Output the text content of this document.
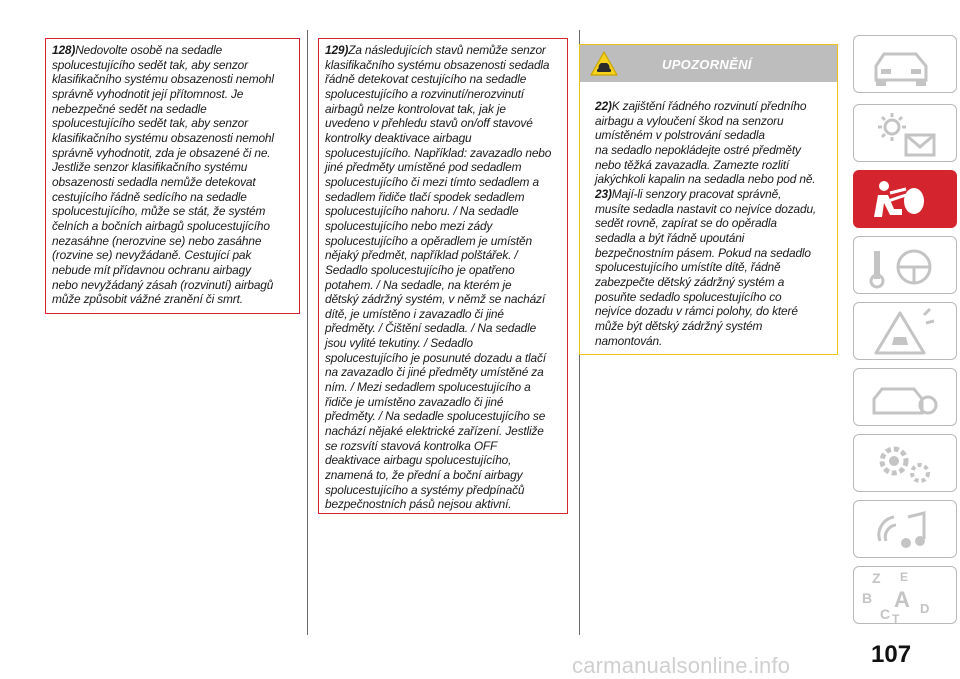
128)Nedovolte osobě na sedadle
spolucestujícího sedět tak, aby senzor
klasifikačního systému obsazenosti nemohl
správně vyhodnotit její přítomnost. Je
nebezpečné sedět na sedadle
spolucestujícího sedět tak, aby senzor
klasifikačního systému obsazenosti nemohl
správně vyhodnotit, zda je obsazené či ne.
Jestliže senzor klasifikačního systému
obsazenosti sedadla nemůže detekovat
cestujícího řádně sedícího na sedadle
spolucestujícího, může se stát, že systém
čelních a bočních airbagů spolucestujícího
nezasáhne (nerozvine se) nebo zasáhne
(rozvine se) nevyžádaně. Cestující pak
nebude mít přídavnou ochranu airbagy
nebo nevyžádaný zásah (rozvinutí) airbagů
může způsobit vážné zranění či smrt.

129)Za následujících stavů nemůže senzor
klasifikačního systému obsazenosti sedadla
řádně detekovat cestujícího na sedadle
spolucestujícího a rozvinutí/nerozvinutí
airbagů nelze kontrolovat tak, jak je
uvedeno v přehledu stavů on/off stavové
kontrolky deaktivace airbagu
spolucestujícího. Například: zavazadlo nebo
jiné předměty umístěné pod sedadlem
spolucestujícího či mezi tímto sedadlem a
sedadlem řidiče tlačí spodek sedadlem
spolucestujícího nahoru. / Na sedadle
spolucestujícího nebo mezi zády
spolucestujícího a opěradlem je umístěn
nějaký předmět, například polštářek. /
Sedadlo spolucestujícího je opatřeno
potahem. / Na sedadle, na kterém je
dětský zádržný systém, v němž se nachází
dítě, je umístěno i zavazadlo či jiné
předměty. / Čištění sedadla. / Na sedadle
jsou vylité tekutiny. / Sedadlo
spolucestujícího je posunuté dozadu a tlačí
na zavazadlo či jiné předměty umístěné za
ním. / Mezi sedadlem spolucestujícího a
řidiče je umístěno zavazadlo či jiné
předměty. / Na sedadle spolucestujícího se
nachází nějaké elektrické zařízení. Jestliže
se rozsvítí stavová kontrolka OFF
deaktivace airbagu spolucestujícího,
znamená to, že přední a boční airbagy
spolucestujícího a systémy předpínačů
bezpečnostních pásů nejsou aktivní.

UPOZORNĚNÍ

22)K zajištění řádného rozvinutí předního
airbagu a vyloučení škod na senzoru
umístěném v polstrování sedadla
na sedadlo nepokládejte ostré předměty
nebo těžká zavazadla. Zamezte rozlití
jakýchkoli kapalin na sedadla nebo pod ně.

23)Mají-li senzory pracovat správně,
musíte sedadla nastavit co nejvíce dozadu,
sedět rovně, zapírat se do opěradla
sedadla a být řádně upoutáni
bezpečnostním pásem. Pokud na sedadlo
spolucestujícího umístíte dítě, řádně
zabezpečte dětský zádržný systém a
posuňte sedadlo spolucestujícího co
nejvíce dozadu v rámci polohy, do které
může být dětský zádržný systém
namontován.

Z E
B A
C D
T
107
carmanualsonline.info
